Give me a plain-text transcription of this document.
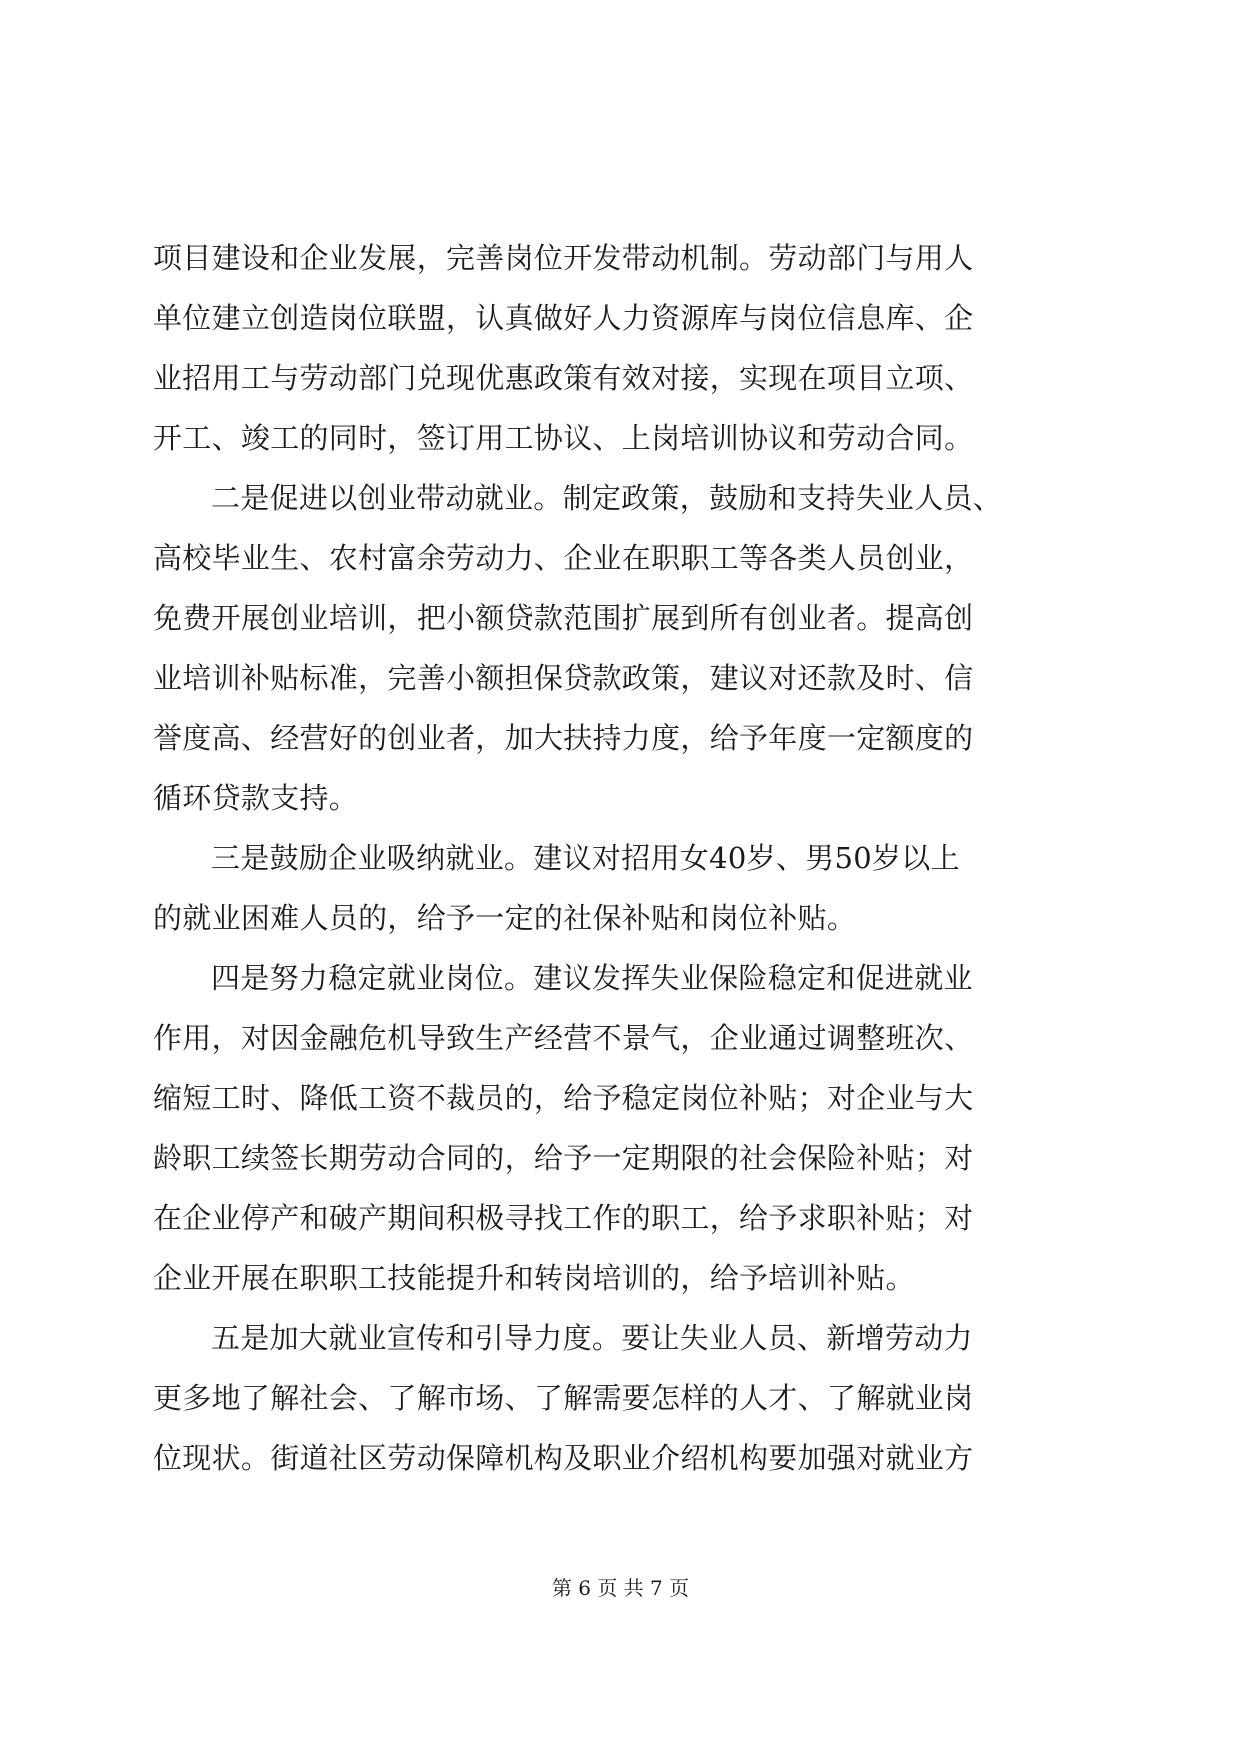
项目建设和企业发展，完善岗位开发带动机制。劳动部门与用人
单位建立创造岗位联盟，认真做好人力资源库与岗位信息库、企
业招用工与劳动部门兑现优惠政策有效对接，实现在项目立项、
开工、竣工的同时，签订用工协议、上岗培训协议和劳动合同。
二是促进以创业带动就业。制定政策，鼓励和支持失业人员、
高校毕业生、农村富余劳动力、企业在职职工等各类人员创业，
免费开展创业培训，把小额贷款范围扩展到所有创业者。提高创
业培训补贴标准，完善小额担保贷款政策，建议对还款及时、信
誉度高、经营好的创业者，加大扶持力度，给予年度一定额度的
循环贷款支持。
三是鼓励企业吸纳就业。建议对招用女40岁、男50岁以上
的就业困难人员的，给予一定的社保补贴和岗位补贴。
四是努力稳定就业岗位。建议发挥失业保险稳定和促进就业
作用，对因金融危机导致生产经营不景气，企业通过调整班次、
缩短工时、降低工资不裁员的，给予稳定岗位补贴；对企业与大
龄职工续签长期劳动合同的，给予一定期限的社会保险补贴；对
在企业停产和破产期间积极寻找工作的职工，给予求职补贴；对
企业开展在职职工技能提升和转岗培训的，给予培训补贴。
五是加大就业宣传和引导力度。要让失业人员、新增劳动力
更多地了解社会、了解市场、了解需要怎样的人才、了解就业岗
位现状。街道社区劳动保障机构及职业介绍机构要加强对就业方
第 6 页 共 7 页
